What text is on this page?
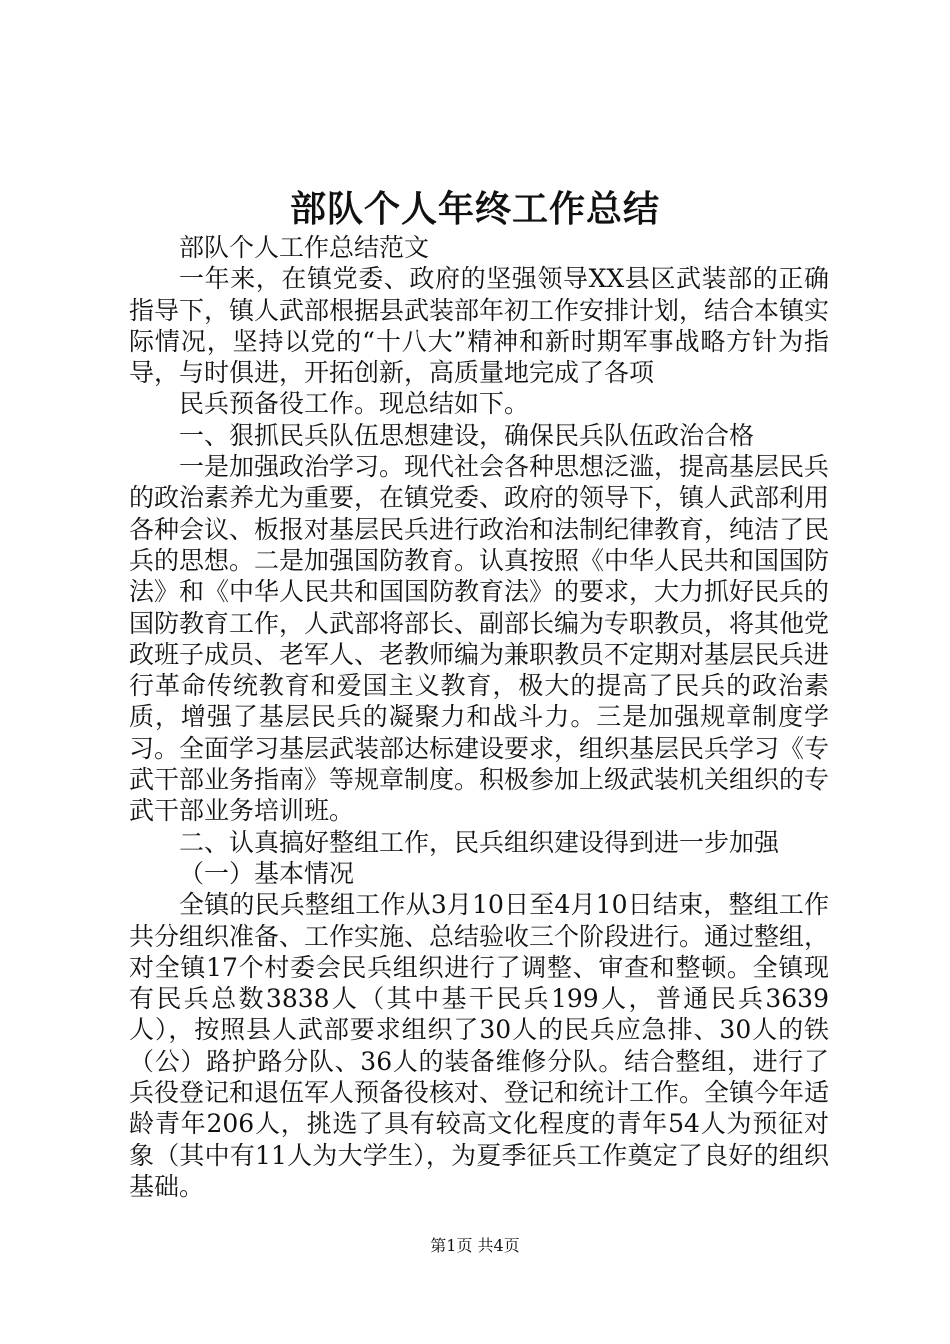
部队个人年终工作总结

部队个人工作总结范文

一年来，在镇党委、政府的坚强领导XX县区武装部的正确指导下，镇人武部根据县武装部年初工作安排计划，结合本镇实际情况，坚持以党的“十八大”精神和新时期军事战略方针为指导，与时俱进，开拓创新，高质量地完成了各项

民兵预备役工作。现总结如下。

一、狠抓民兵队伍思想建设，确保民兵队伍政治合格

一是加强政治学习。现代社会各种思想泛滥，提高基层民兵的政治素养尤为重要，在镇党委、政府的领导下，镇人武部利用各种会议、板报对基层民兵进行政治和法制纪律教育，纯洁了民兵的思想。二是加强国防教育。认真按照《中华人民共和国国防法》和《中华人民共和国国防教育法》的要求，大力抓好民兵的国防教育工作，人武部将部长、副部长编为专职教员，将其他党政班子成员、老军人、老教师编为兼职教员不定期对基层民兵进行革命传统教育和爱国主义教育，极大的提高了民兵的政治素质，增强了基层民兵的凝聚力和战斗力。三是加强规章制度学习。全面学习基层武装部达标建设要求，组织基层民兵学习《专武干部业务指南》等规章制度。积极参加上级武装机关组织的专武干部业务培训班。

二、认真搞好整组工作，民兵组织建设得到进一步加强

（一）基本情况

全镇的民兵整组工作从3月10日至4月10日结束，整组工作共分组织准备、工作实施、总结验收三个阶段进行。通过整组，对全镇17个村委会民兵组织进行了调整、审查和整顿。全镇现有民兵总数3838人（其中基干民兵199人，普通民兵3639人），按照县人武部要求组织了30人的民兵应急排、30人的铁（公）路护路分队、36人的装备维修分队。结合整组，进行了兵役登记和退伍军人预备役核对、登记和统计工作。全镇今年适龄青年206人，挑选了具有较高文化程度的青年54人为预征对象（其中有11人为大学生），为夏季征兵工作奠定了良好的组织基础。

第1页 共4页
